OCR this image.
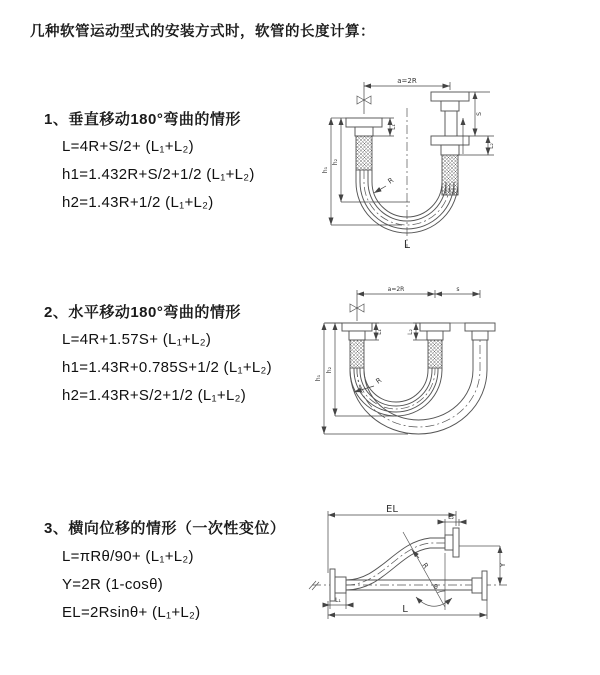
几种软管运动型式的安装方式时，软管的长度计算：
1、垂直移动180°弯曲的情形
L=4R+S/2+ (L₁+L₂)
h1=1.432R+S/2+1/2 (L₁+L₂)
h2=1.43R+1/2 (L₁+L₂)
2、水平移动180°弯曲的情形
L=4R+1.57S+ (L₁+L₂)
h1=1.43R+0.785S+1/2 (L₁+L₂)
h2=1.43R+S/2+1/2 (L₁+L₂)
3、横向位移的情形（一次性变位）
L=πRθ/90+ (L₁+L₂)
Y=2R (1-cosθ)
EL=2Rsinθ+ (L₁+L₂)
a=2R
L₁
S
L₂
h₁
h₂
R
L
a=2R	s
L₁	L₂
h₁
h₂
R
EL
L₂
Y
θ
R
L₁
L
